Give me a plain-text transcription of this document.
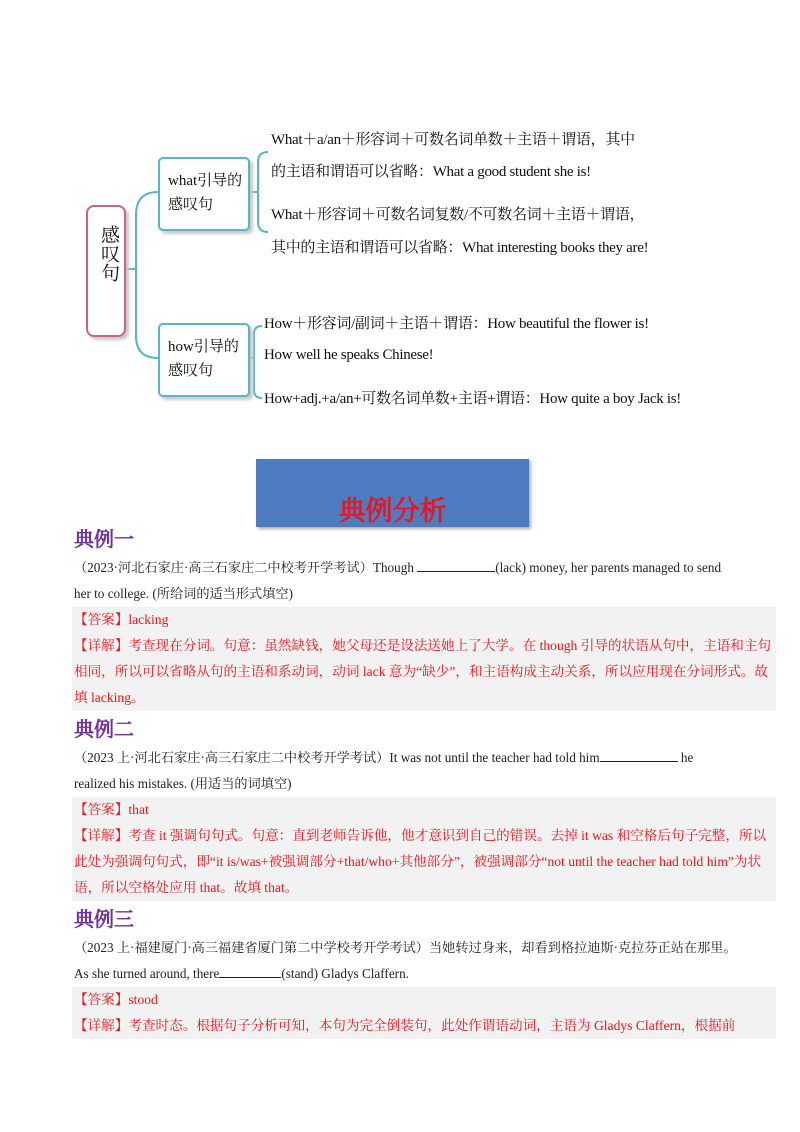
感叹句
what引导的感叹句
how引导的感叹句
What＋a/an＋形容词＋可数名词单数＋主语＋谓语，其中
的主语和谓语可以省略：What a good student she is!
What＋形容词＋可数名词复数/不可数名词＋主语＋谓语，
其中的主语和谓语可以省略：What interesting books they are!
How＋形容词/副词＋主语＋谓语：How beautiful the flower is!
How well he speaks Chinese!
How+adj.+a/an+可数名词单数+主语+谓语：How quite a boy Jack is!
典例分析
典例一
（2023·河北石家庄·高三石家庄二中校考开学考试）Though	(lack) money, her parents managed to send
her to college. (所给词的适当形式填空)

【答案】lacking

【详解】考查现在分词。句意：虽然缺钱，她父母还是设法送她上了大学。在 though 引导的状语从句中，主语和主句相同，所以可以省略从句的主语和系动词，动词 lack 意为“缺少”，和主语构成主动关系，所以应用现在分词形式。故填 lacking。

典例二
（2023 上·河北石家庄·高三石家庄二中校考开学考试）It was not until the teacher had told him	he
realized his mistakes. (用适当的词填空)

【答案】that

【详解】考查 it 强调句句式。句意：直到老师告诉他，他才意识到自己的错误。去掉 it was 和空格后句子完整，所以此处为强调句句式，即“it is/was+被强调部分+that/who+其他部分”，被强调部分“not until the teacher had told him”为状语，所以空格处应用 that。故填 that。

典例三
（2023 上·福建厦门·高三福建省厦门第二中学校考开学考试）当她转过身来，却看到格拉迪斯·克拉芬正站在那里。
As she turned around, there	(stand) Gladys Claffern.

【答案】stood

【详解】考查时态。根据句子分析可知，本句为完全倒装句，此处作谓语动词，主语为 Gladys Claffern，根据前
